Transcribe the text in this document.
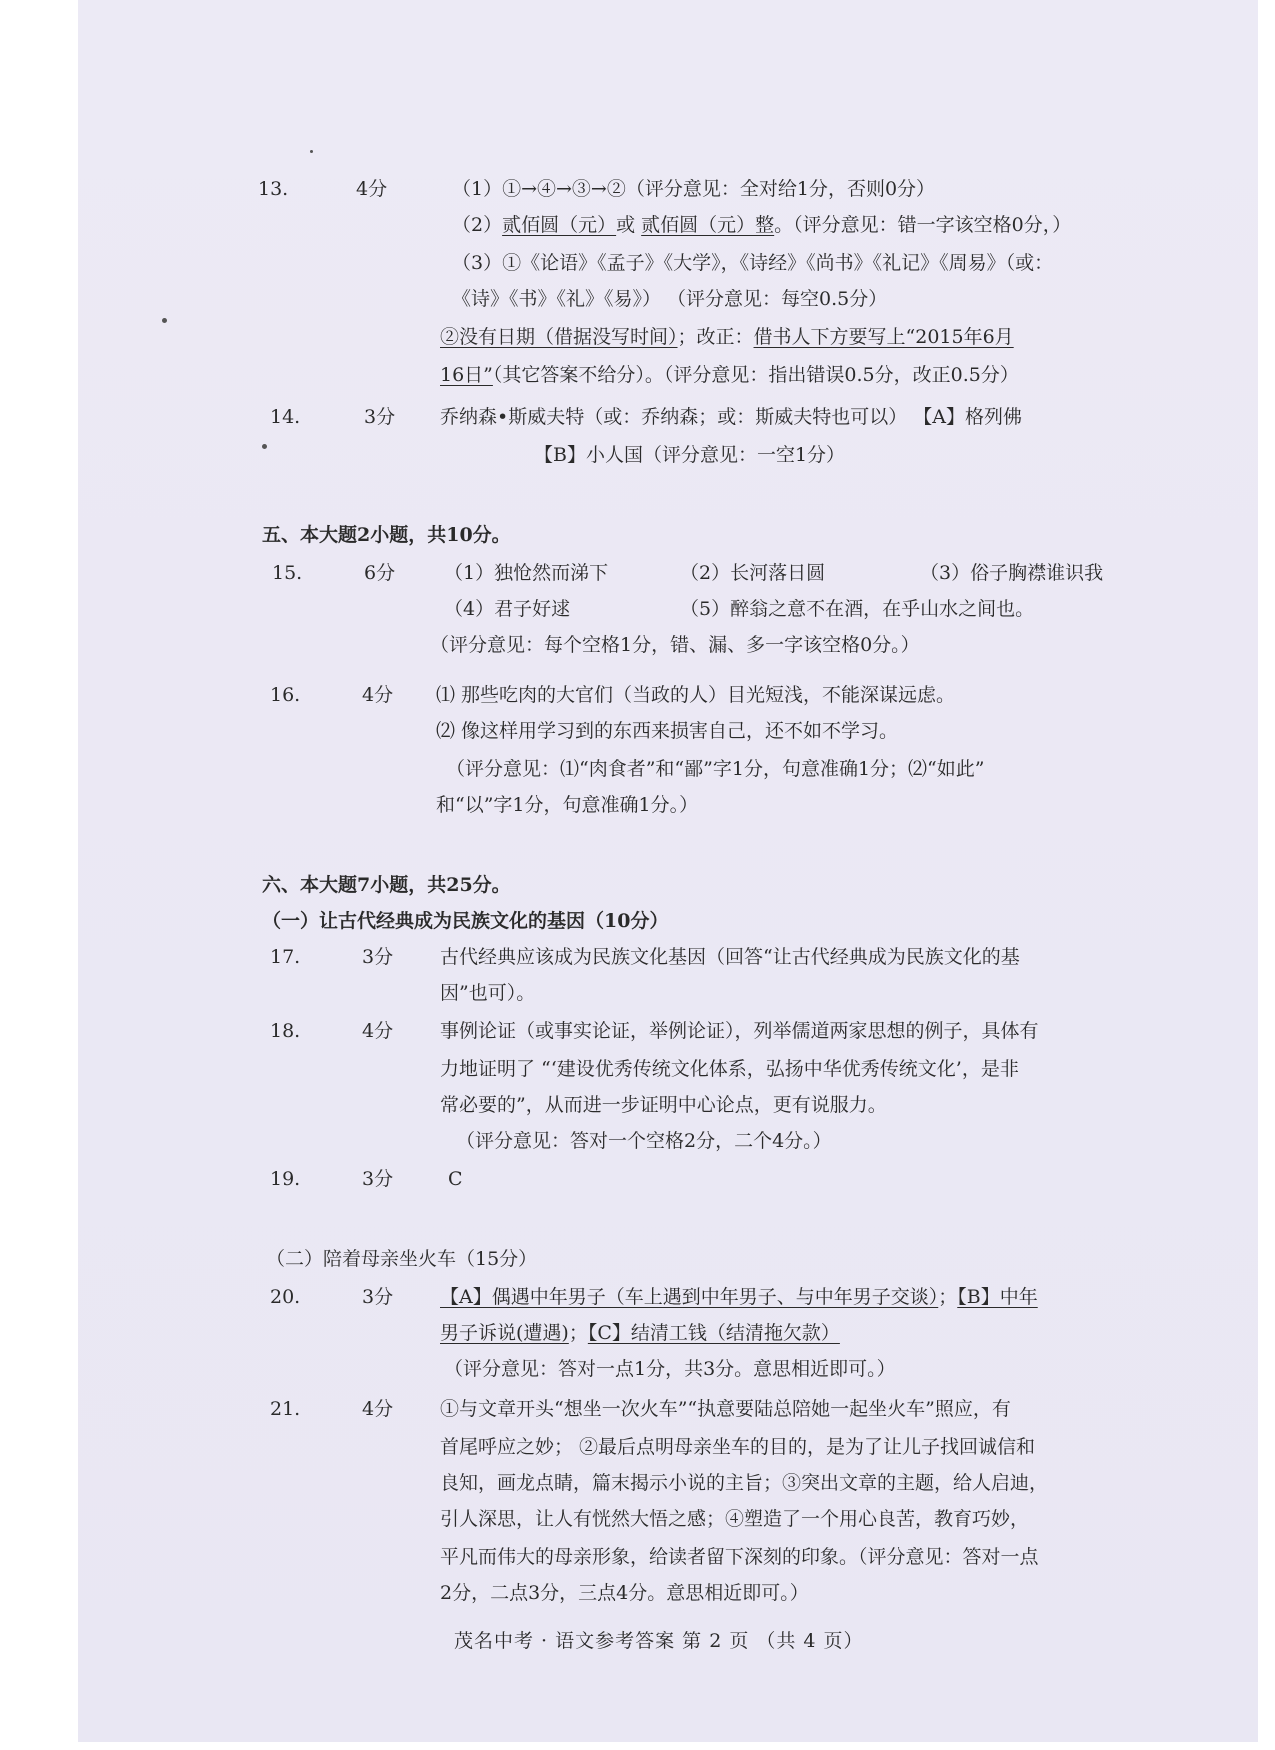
13.	4分	（1）①→④→③→②（评分意见：全对给1分，否则0分）
（2）贰佰圆（元）或 贰佰圆（元）整。（评分意见：错一字该空格0分，）
（3）①《论语》《孟子》《大学》，《诗经》《尚书》《礼记》《周易》（或：
《诗》《书》《礼》《易》） （评分意见：每空0.5分）
②没有日期（借据没写时间）；改正：借书人下方要写上“2015年6月
16日”（其它答案不给分）。（评分意见：指出错误0.5分，改正0.5分）
14.	3分 乔纳森•斯威夫特（或：乔纳森；或：斯威夫特也可以） 【A】格列佛
【B】小人国（评分意见：一空1分）
五、本大题2小题，共10分。
15.	6分	（1）独怆然而涕下	（2）长河落日圆	（3）俗子胸襟谁识我
（4）君子好逑	（5）醉翁之意不在酒，在乎山水之间也。
（评分意见：每个空格1分，错、漏、多一字该空格0分。）
16.	4分 ⑴ 那些吃肉的大官们（当政的人）目光短浅，不能深谋远虑。
⑵ 像这样用学习到的东西来损害自己，还不如不学习。
（评分意见：⑴“肉食者”和“鄙”字1分，句意准确1分；⑵“如此”
和“以”字1分，句意准确1分。）
六、本大题7小题，共25分。
（一）让古代经典成为民族文化的基因（10分）
17.	3分 古代经典应该成为民族文化基因（回答“让古代经典成为民族文化的基
因”也可）。
18.	4分 事例论证（或事实论证，举例论证），列举儒道两家思想的例子，具体有
力地证明了 “‘建设优秀传统文化体系，弘扬中华优秀传统文化’，是非
常必要的”，从而进一步证明中心论点，更有说服力。
（评分意见：答对一个空格2分，二个4分。）
19.	3分	C
（二）陪着母亲坐火车（15分）
20.	3分 【A】偶遇中年男子（车上遇到中年男子、与中年男子交谈）；【B】中年
男子诉说(遭遇)；【C】结清工钱（结清拖欠款）
（评分意见：答对一点1分，共3分。意思相近即可。）
21.	4分 ①与文章开头“想坐一次火车”“执意要陆总陪她一起坐火车”照应，有
首尾呼应之妙； ②最后点明母亲坐车的目的，是为了让儿子找回诚信和
良知，画龙点睛，篇末揭示小说的主旨；③突出文章的主题，给人启迪，
引人深思，让人有恍然大悟之感；④塑造了一个用心良苦，教育巧妙，
平凡而伟大的母亲形象，给读者留下深刻的印象。（评分意见：答对一点
2分，二点3分，三点4分。意思相近即可。）
茂名中考 · 语文参考答案 第 2 页 （共 4 页）
